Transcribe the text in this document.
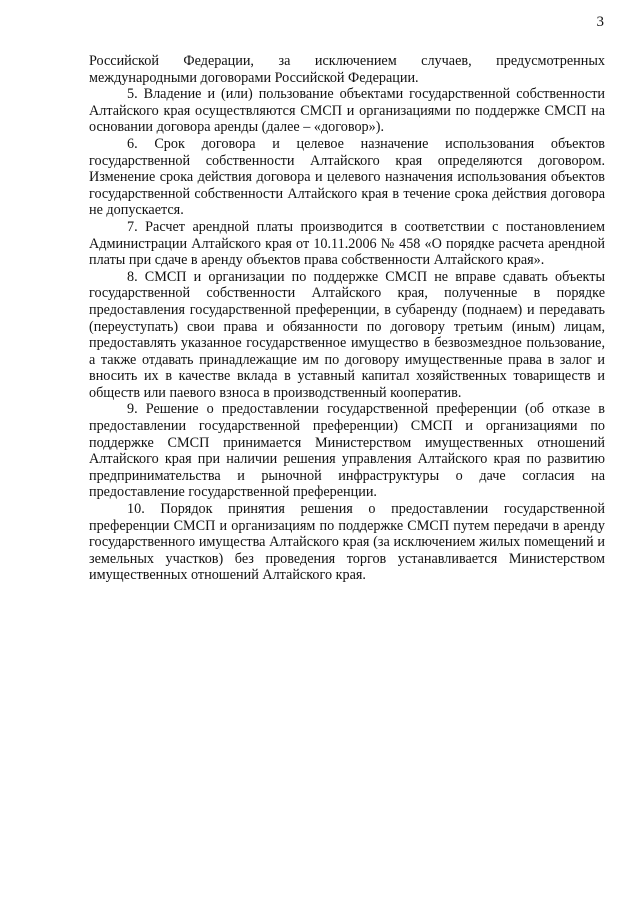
3

Российской Федерации, за исключением случаев, предусмотренных международными договорами Российской Федерации.

5. Владение и (или) пользование объектами государственной собственности Алтайского края осуществляются СМСП и организациями по поддержке СМСП на основании договора аренды (далее – «договор»).

6. Срок договора и целевое назначение использования объектов государственной собственности Алтайского края определяются договором. Изменение срока действия договора и целевого назначения использования объектов государственной собственности Алтайского края в течение срока действия договора не допускается.

7. Расчет арендной платы производится в соответствии с постановлением Администрации Алтайского края от 10.11.2006 № 458 «О порядке расчета арендной платы при сдаче в аренду объектов права собственности Алтайского края».

8. СМСП и организации по поддержке СМСП не вправе сдавать объекты государственной собственности Алтайского края, полученные в порядке предоставления государственной преференции, в субаренду (поднаем) и передавать (переуступать) свои права и обязанности по договору третьим (иным) лицам, предоставлять указанное государственное имущество в безвозмездное пользование, а также отдавать принадлежащие им по договору имущественные права в залог и вносить их в качестве вклада в уставный капитал хозяйственных товариществ и обществ или паевого взноса в производственный кооператив.

9. Решение о предоставлении государственной преференции (об отказе в предоставлении государственной преференции) СМСП и организациями по поддержке СМСП принимается Министерством имущественных отношений Алтайского края при наличии решения управления Алтайского края по развитию предпринимательства и рыночной инфраструктуры о даче согласия на предоставление государственной преференции.

10. Порядок принятия решения о предоставлении государственной преференции СМСП и организациям по поддержке СМСП путем передачи в аренду государственного имущества Алтайского края (за исключением жилых помещений и земельных участков) без проведения торгов устанавливается Министерством имущественных отношений Алтайского края.
